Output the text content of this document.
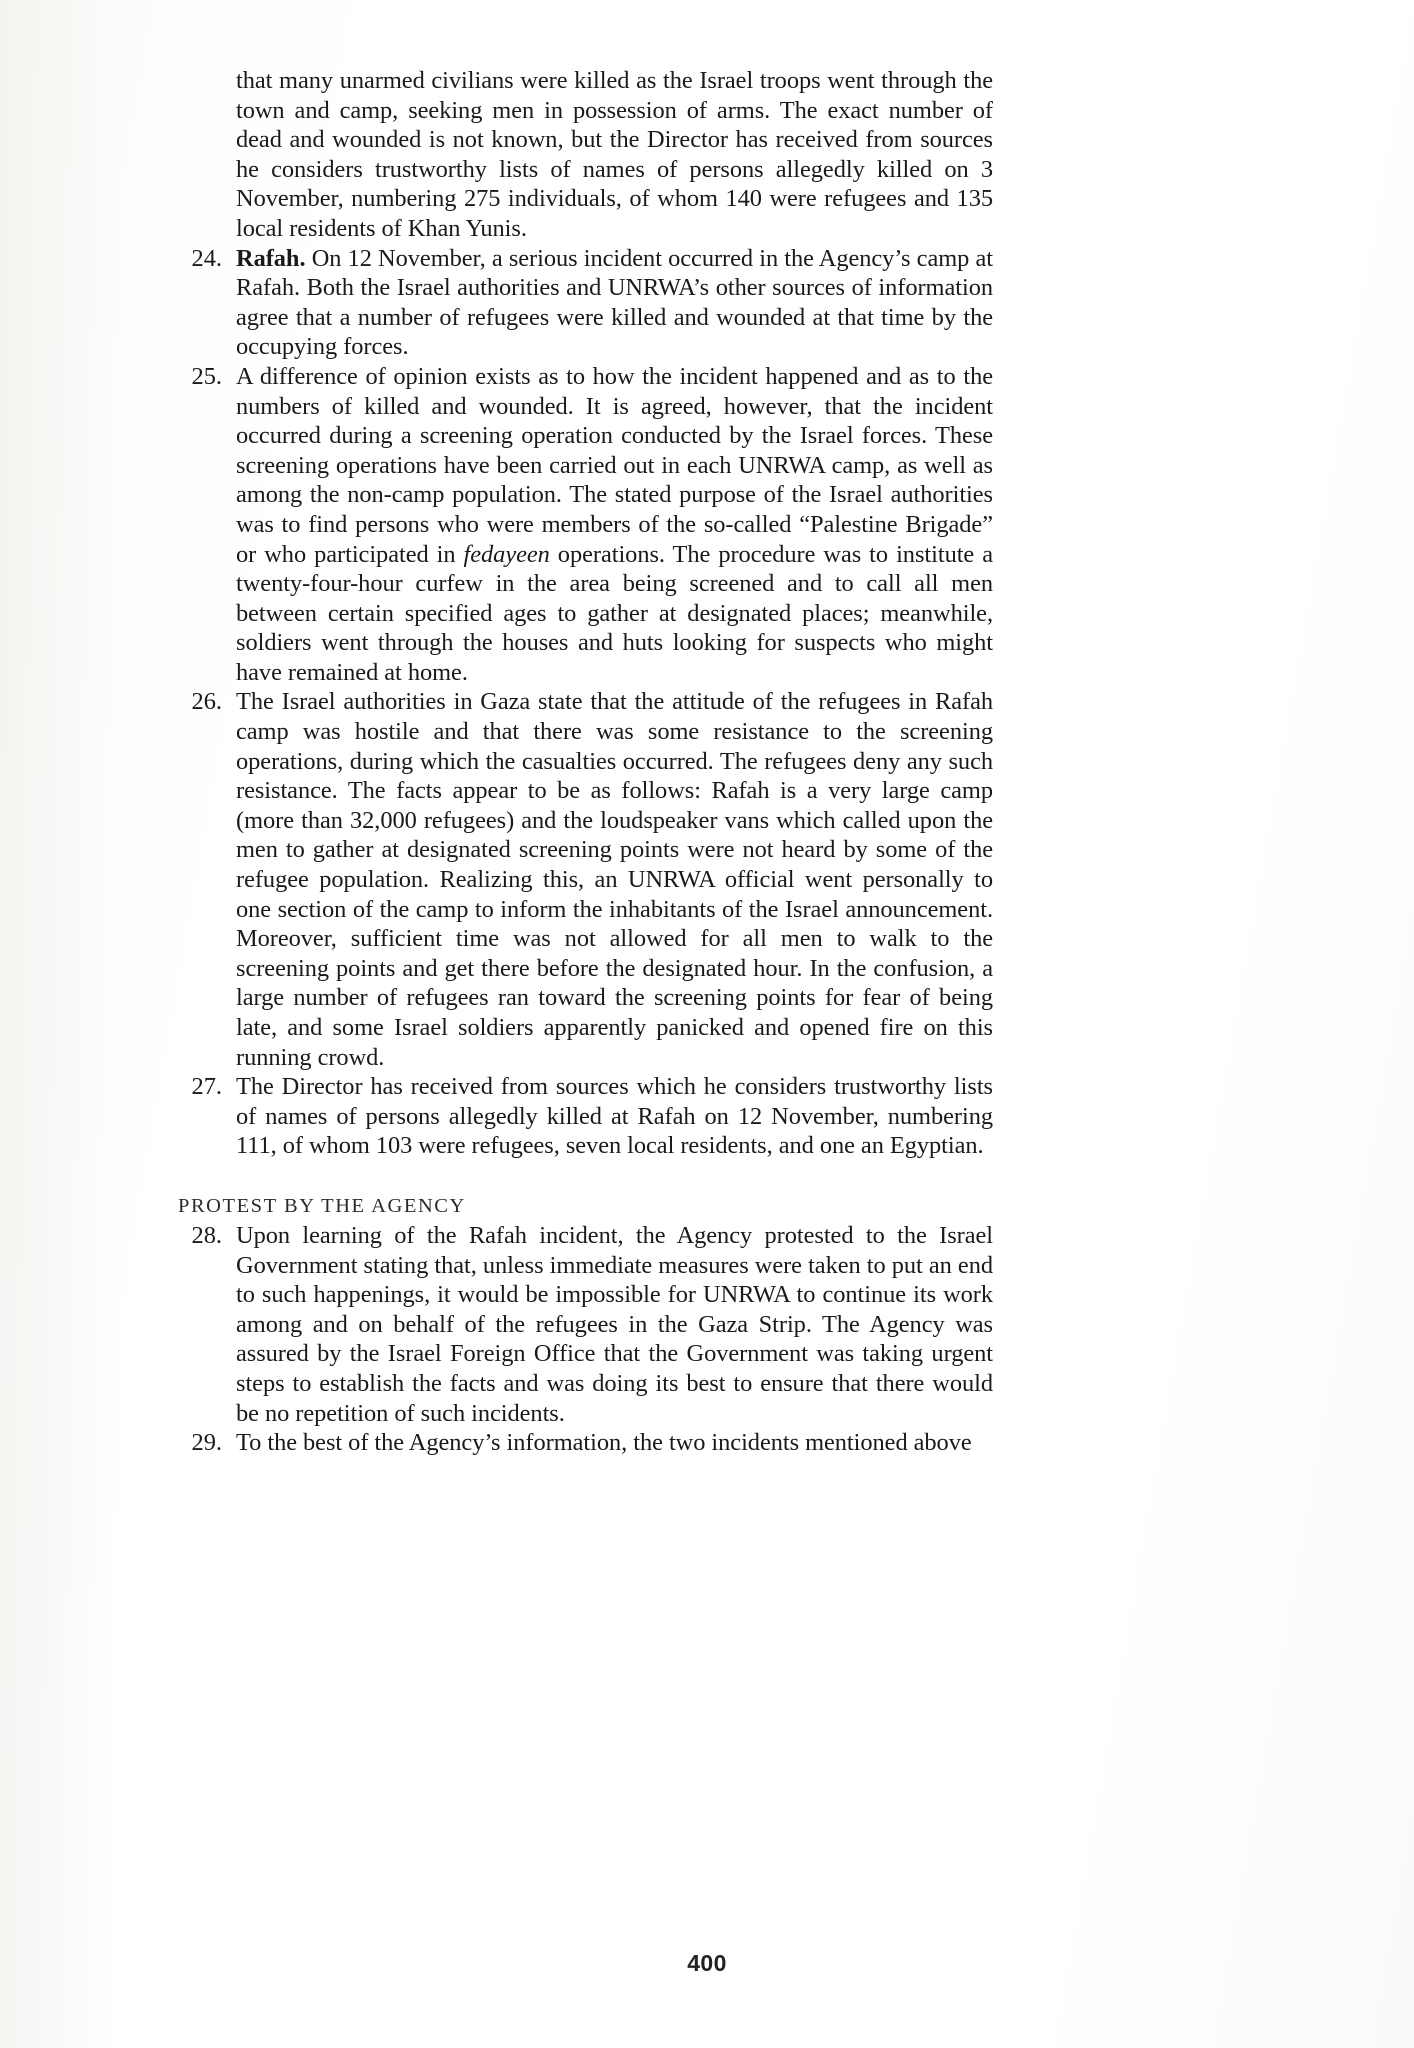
that many unarmed civilians were killed as the Israel troops went through the town and camp, seeking men in possession of arms. The exact number of dead and wounded is not known, but the Director has received from sources he considers trustworthy lists of names of persons allegedly killed on 3 November, numbering 275 individuals, of whom 140 were refugees and 135 local residents of Khan Yunis.
24. Rafah. On 12 November, a serious incident occurred in the Agency’s camp at Rafah. Both the Israel authorities and UNRWA’s other sources of information agree that a number of refugees were killed and wounded at that time by the occupying forces.
25. A difference of opinion exists as to how the incident happened and as to the numbers of killed and wounded. It is agreed, however, that the incident occurred during a screening operation conducted by the Israel forces. These screening operations have been carried out in each UNRWA camp, as well as among the non-camp population. The stated purpose of the Israel authorities was to find persons who were members of the so-called “Palestine Brigade” or who participated in fedayeen operations. The procedure was to institute a twenty-four-hour curfew in the area being screened and to call all men between certain specified ages to gather at designated places; meanwhile, soldiers went through the houses and huts looking for suspects who might have remained at home.
26. The Israel authorities in Gaza state that the attitude of the refugees in Rafah camp was hostile and that there was some resistance to the screening operations, during which the casualties occurred. The refugees deny any such resistance. The facts appear to be as follows: Rafah is a very large camp (more than 32,000 refugees) and the loudspeaker vans which called upon the men to gather at designated screening points were not heard by some of the refugee population. Realizing this, an UNRWA official went personally to one section of the camp to inform the inhabitants of the Israel announcement. Moreover, sufficient time was not allowed for all men to walk to the screening points and get there before the designated hour. In the confusion, a large number of refugees ran toward the screening points for fear of being late, and some Israel soldiers apparently panicked and opened fire on this running crowd.
27. The Director has received from sources which he considers trustworthy lists of names of persons allegedly killed at Rafah on 12 November, numbering 111, of whom 103 were refugees, seven local residents, and one an Egyptian.
PROTEST BY THE AGENCY
28. Upon learning of the Rafah incident, the Agency protested to the Israel Government stating that, unless immediate measures were taken to put an end to such happenings, it would be impossible for UNRWA to continue its work among and on behalf of the refugees in the Gaza Strip. The Agency was assured by the Israel Foreign Office that the Government was taking urgent steps to establish the facts and was doing its best to ensure that there would be no repetition of such incidents.
29. To the best of the Agency’s information, the two incidents mentioned above
400
